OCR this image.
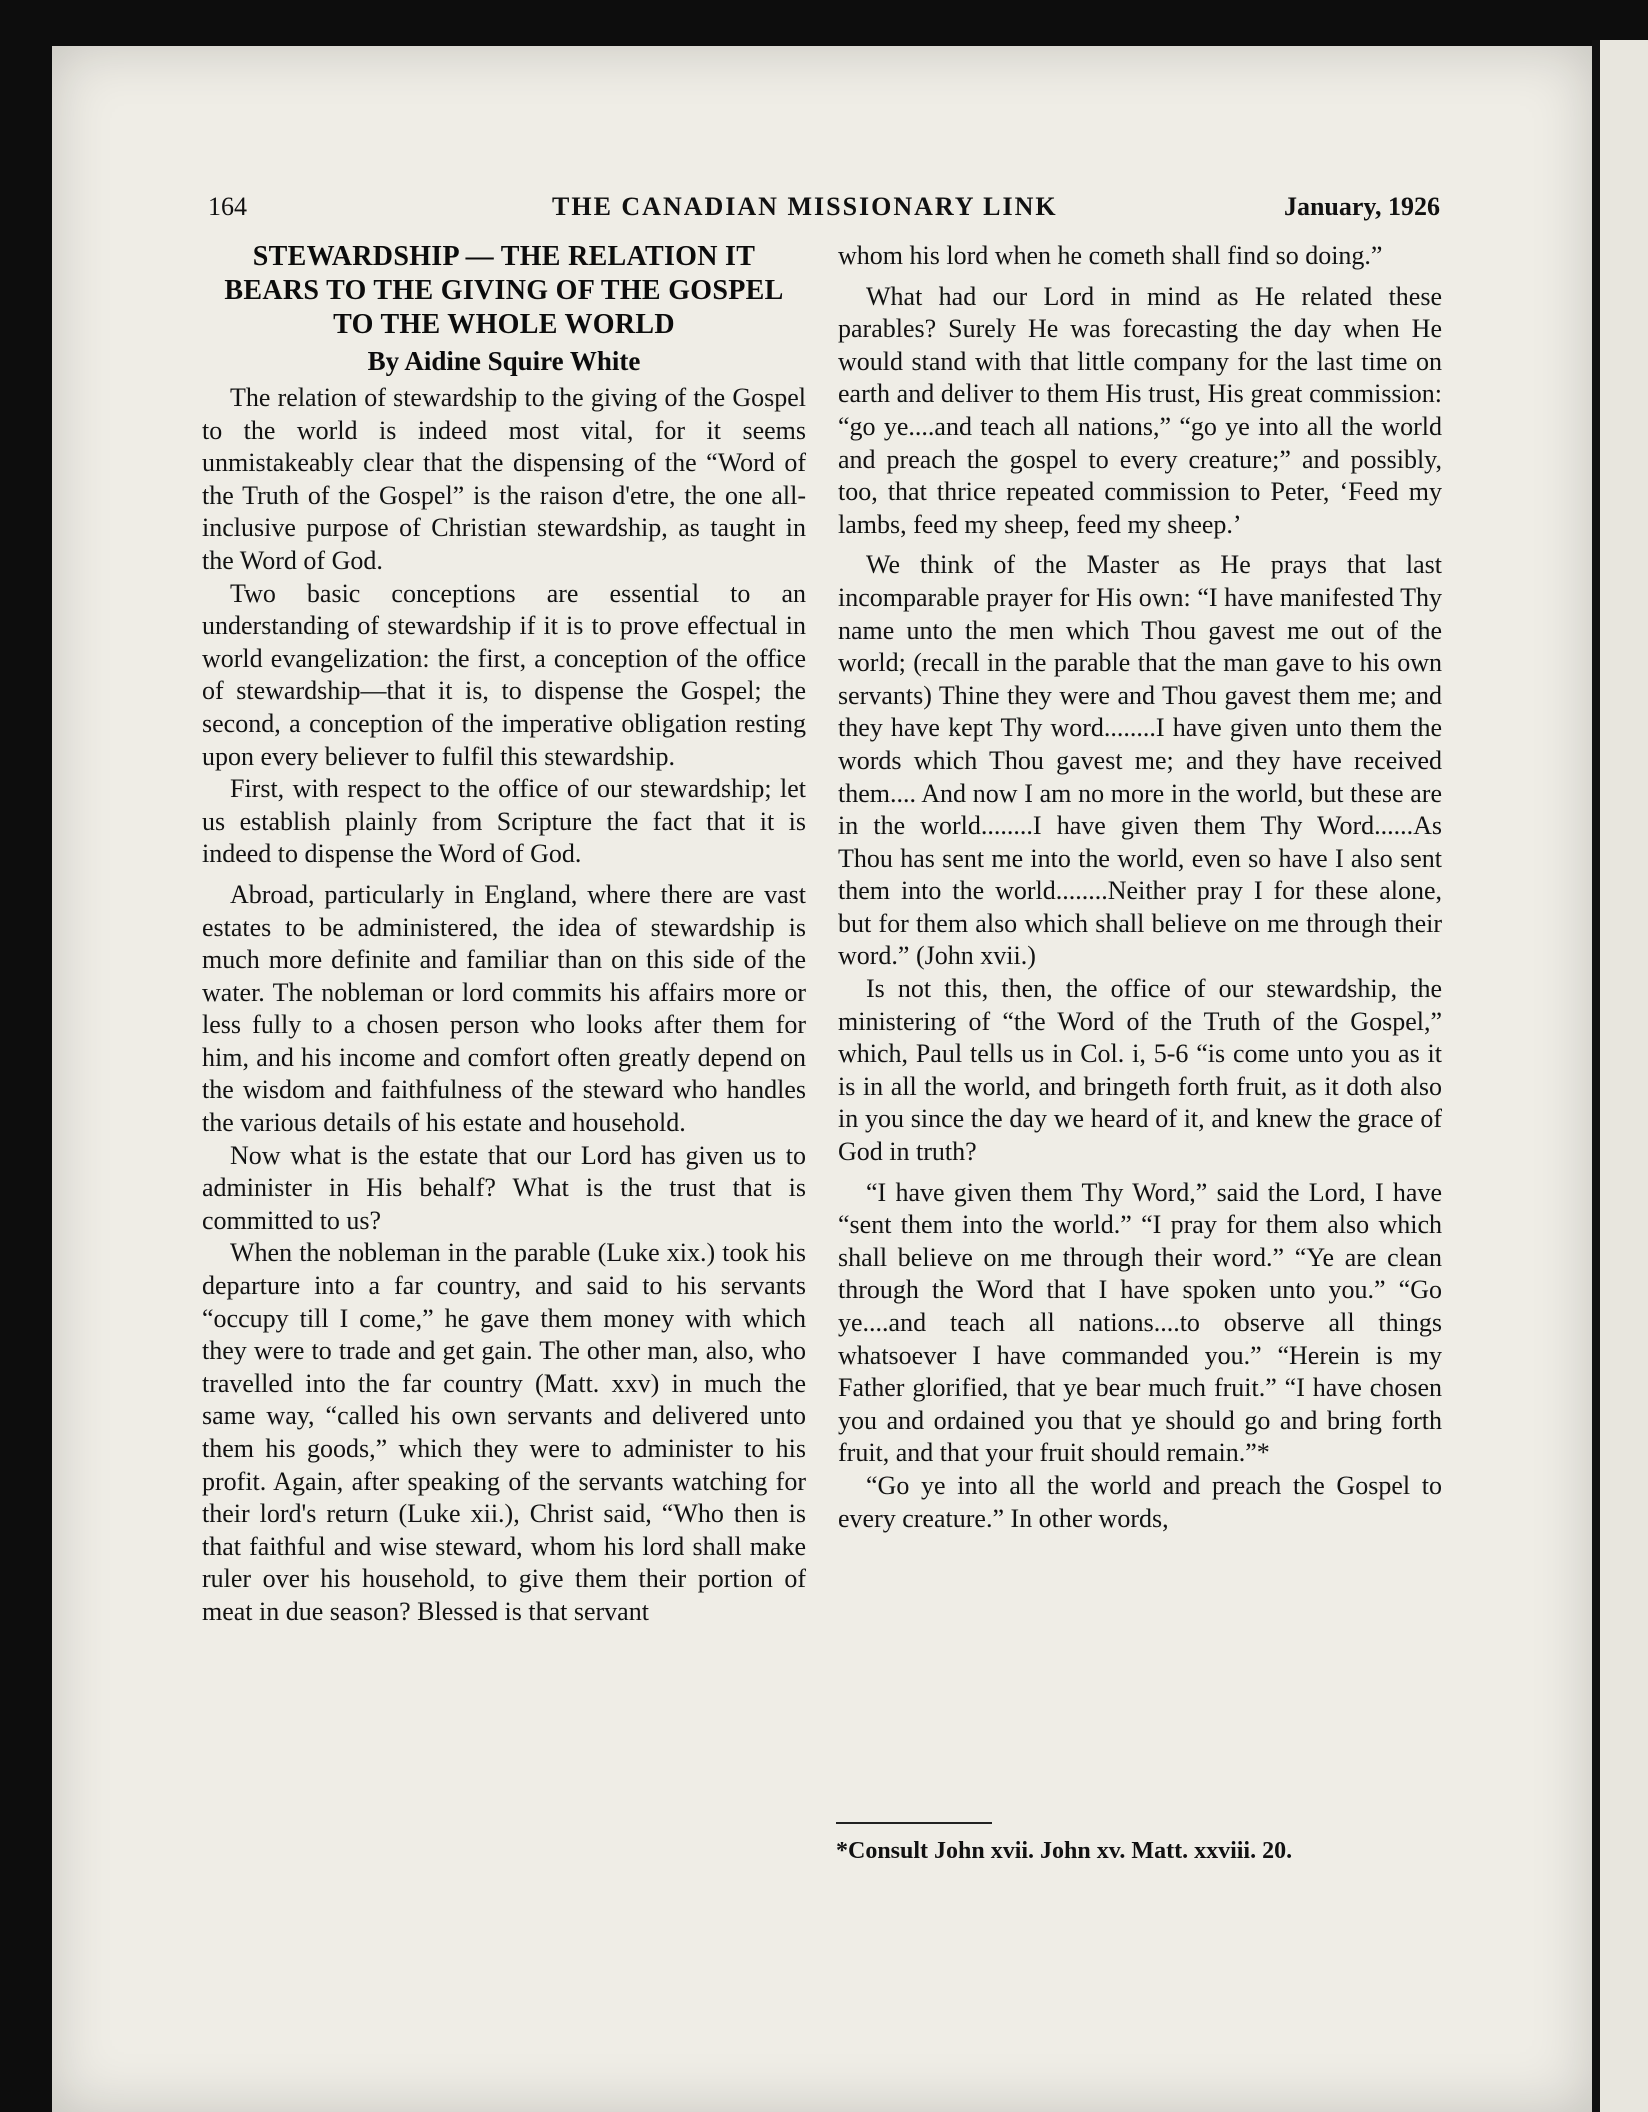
164	THE CANADIAN MISSIONARY LINK	January, 1926
STEWARDSHIP — THE RELATION IT BEARS TO THE GIVING OF THE GOSPEL TO THE WHOLE WORLD
By Aidine Squire White

The relation of stewardship to the giving of the Gospel to the world is indeed most vital, for it seems unmistakeably clear that the dispensing of the “Word of the Truth of the Gospel” is the raison d'etre, the one all-inclusive purpose of Christian stewardship, as taught in the Word of God.

Two basic conceptions are essential to an understanding of stewardship if it is to prove effectual in world evangelization: the first, a conception of the office of stewardship—that it is, to dispense the Gospel; the second, a conception of the imperative obligation resting upon every believer to fulfil this stewardship.

First, with respect to the office of our stewardship; let us establish plainly from Scripture the fact that it is indeed to dispense the Word of God.

Abroad, particularly in England, where there are vast estates to be administered, the idea of stewardship is much more definite and familiar than on this side of the water. The nobleman or lord commits his affairs more or less fully to a chosen person who looks after them for him, and his income and comfort often greatly depend on the wisdom and faithfulness of the steward who handles the various details of his estate and household.

Now what is the estate that our Lord has given us to administer in His behalf? What is the trust that is committed to us?

When the nobleman in the parable (Luke xix.) took his departure into a far country, and said to his servants “occupy till I come,” he gave them money with which they were to trade and get gain. The other man, also, who travelled into the far country (Matt. xxv) in much the same way, “called his own servants and delivered unto them his goods,” which they were to administer to his profit. Again, after speaking of the servants watching for their lord's return (Luke xii.), Christ said, “Who then is that faithful and wise steward, whom his lord shall make ruler over his household, to give them their portion of meat in due season? Blessed is that servant

whom his lord when he cometh shall find so doing.”

What had our Lord in mind as He related these parables? Surely He was forecasting the day when He would stand with that little company for the last time on earth and deliver to them His trust, His great commission: “go ye....and teach all nations,” “go ye into all the world and preach the gospel to every creature;” and possibly, too, that thrice repeated commission to Peter, ‘Feed my lambs, feed my sheep, feed my sheep.’

We think of the Master as He prays that last incomparable prayer for His own: “I have manifested Thy name unto the men which Thou gavest me out of the world; (recall in the parable that the man gave to his own servants) Thine they were and Thou gavest them me; and they have kept Thy word........I have given unto them the words which Thou gavest me; and they have received them.... And now I am no more in the world, but these are in the world........I have given them Thy Word......As Thou has sent me into the world, even so have I also sent them into the world........Neither pray I for these alone, but for them also which shall believe on me through their word.” (John xvii.)

Is not this, then, the office of our stewardship, the ministering of “the Word of the Truth of the Gospel,” which, Paul tells us in Col. i, 5-6 “is come unto you as it is in all the world, and bringeth forth fruit, as it doth also in you since the day we heard of it, and knew the grace of God in truth?

“I have given them Thy Word,” said the Lord, I have “sent them into the world.” “I pray for them also which shall believe on me through their word.” “Ye are clean through the Word that I have spoken unto you.” “Go ye....and teach all nations....to observe all things whatsoever I have commanded you.” “Herein is my Father glorified, that ye bear much fruit.” “I have chosen you and ordained you that ye should go and bring forth fruit, and that your fruit should remain.”*

“Go ye into all the world and preach the Gospel to every creature.” In other words,

*Consult John xvii. John xv. Matt. xxviii. 20.
